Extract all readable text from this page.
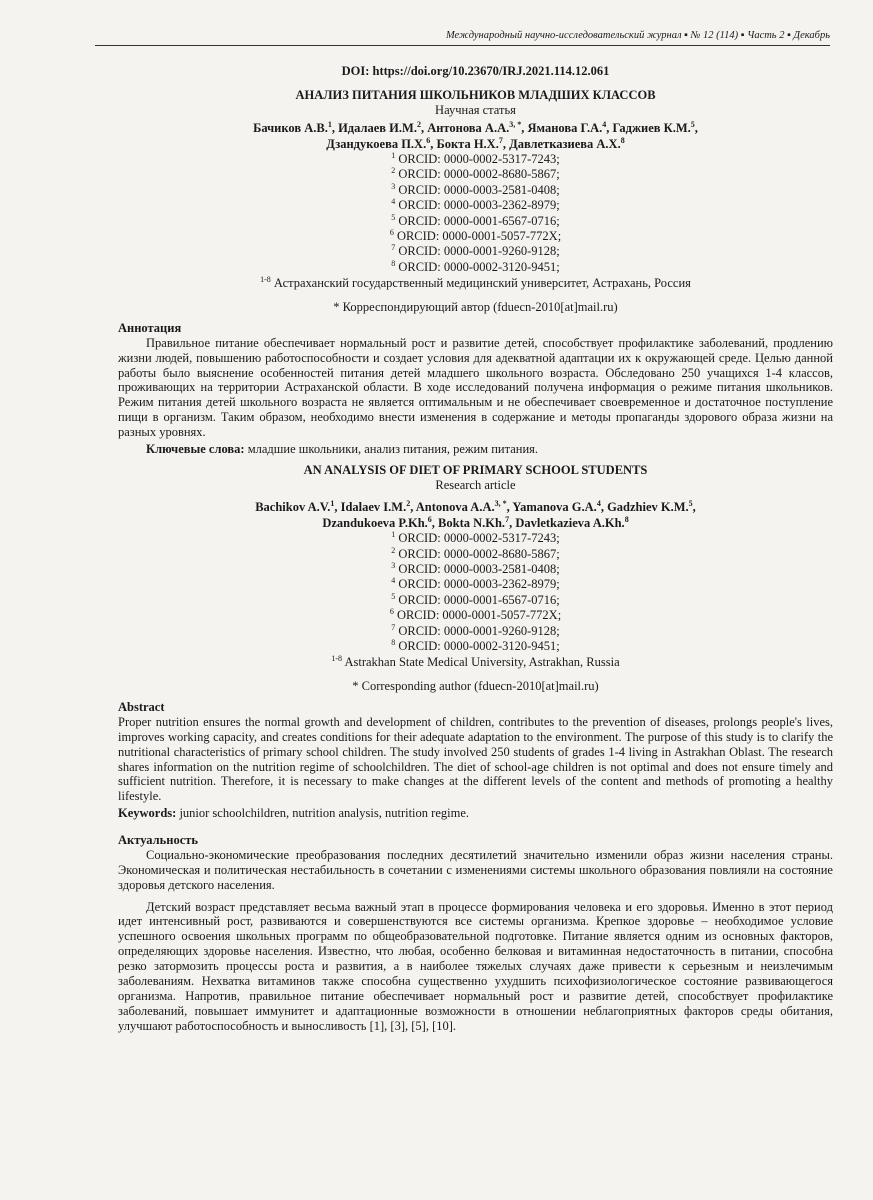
Международный научно-исследовательский журнал ▪ № 12 (114) ▪ Часть 2 ▪ Декабрь
DOI: https://doi.org/10.23670/IRJ.2021.114.12.061
АНАЛИЗ ПИТАНИЯ ШКОЛЬНИКОВ МЛАДШИХ КЛАССОВ
Научная статья
Бачиков А.В.$^1$, Идалаев И.М.$^2$, Антонова А.А.$^{3, *}$, Яманова Г.А.$^4$, Гаджиев К.М.$^5$,
Дзандукоева П.Х.$^6$, Бокта Н.Х.$^7$, Давлетказиева А.Х.$^8$
$^1$ ORCID: 0000-0002-5317-7243;
$^2$ ORCID: 0000-0002-8680-5867;
$^3$ ORCID: 0000-0003-2581-0408;
$^4$ ORCID: 0000-0003-2362-8979;
$^5$ ORCID: 0000-0001-6567-0716;
$^6$ ORCID: 0000-0001-5057-772X;
$^7$ ORCID: 0000-0001-9260-9128;
$^8$ ORCID: 0000-0002-3120-9451;
$^{1-8}$ Астраханский государственный медицинский университет, Астрахань, Россия
* Корреспондирующий автор (fduecn-2010[at]mail.ru)
Аннотация
Правильное питание обеспечивает нормальный рост и развитие детей, способствует профилактике заболеваний, продлению жизни людей, повышению работоспособности и создает условия для адекватной адаптации их к окружающей среде. Целью данной работы было выяснение особенностей питания детей младшего школьного возраста. Обследовано 250 учащихся 1-4 классов, проживающих на территории Астраханской области. В ходе исследований получена информация о режиме питания школьников. Режим питания детей школьного возраста не является оптимальным и не обеспечивает своевременное и достаточное поступление пищи в организм. Таким образом, необходимо внести изменения в содержание и методы пропаганды здорового образа жизни на разных уровнях.
Ключевые слова: младшие школьники, анализ питания, режим питания.
AN ANALYSIS OF DIET OF PRIMARY SCHOOL STUDENTS
Research article
Bachikov A.V.$^1$, Idalaev I.M.$^2$, Antonova A.A.$^{3, *}$, Yamanova G.A.$^4$, Gadzhiev K.M.$^5$,
Dzandukoeva P.Kh.$^6$, Bokta N.Kh.$^7$, Davletkazieva A.Kh.$^8$
$^1$ ORCID: 0000-0002-5317-7243;
$^2$ ORCID: 0000-0002-8680-5867;
$^3$ ORCID: 0000-0003-2581-0408;
$^4$ ORCID: 0000-0003-2362-8979;
$^5$ ORCID: 0000-0001-6567-0716;
$^6$ ORCID: 0000-0001-5057-772X;
$^7$ ORCID: 0000-0001-9260-9128;
$^8$ ORCID: 0000-0002-3120-9451;
$^{1-8}$ Astrakhan State Medical University, Astrakhan, Russia
* Corresponding author (fduecn-2010[at]mail.ru)
Abstract
Proper nutrition ensures the normal growth and development of children, contributes to the prevention of diseases, prolongs people's lives, improves working capacity, and creates conditions for their adequate adaptation to the environment. The purpose of this study is to clarify the nutritional characteristics of primary school children. The study involved 250 students of grades 1-4 living in Astrakhan Oblast. The research shares information on the nutrition regime of schoolchildren. The diet of school-age children is not optimal and does not ensure timely and sufficient nutrition. Therefore, it is necessary to make changes at the different levels of the content and methods of promoting a healthy lifestyle.
Keywords: junior schoolchildren, nutrition analysis, nutrition regime.
Актуальность
Социально-экономические преобразования последних десятилетий значительно изменили образ жизни населения страны. Экономическая и политическая нестабильность в сочетании с изменениями системы школьного образования повлияли на состояние здоровья детского населения.
Детский возраст представляет весьма важный этап в процессе формирования человека и его здоровья. Именно в этот период идет интенсивный рост, развиваются и совершенствуются все системы организма. Крепкое здоровье – необходимое условие успешного освоения школьных программ по общеобразовательной подготовке. Питание является одним из основных факторов, определяющих здоровье населения. Известно, что любая, особенно белковая и витаминная недостаточность в питании, способна резко затормозить процессы роста и развития, а в наиболее тяжелых случаях даже привести к серьезным и неизлечимым заболеваниям. Нехватка витаминов также способна существенно ухудшить психофизиологическое состояние развивающегося организма. Напротив, правильное питание обеспечивает нормальный рост и развитие детей, способствует профилактике заболеваний, повышает иммунитет и адаптационные возможности в отношении неблагоприятных факторов среды обитания, улучшают работоспособность и выносливость [1], [3], [5], [10].
